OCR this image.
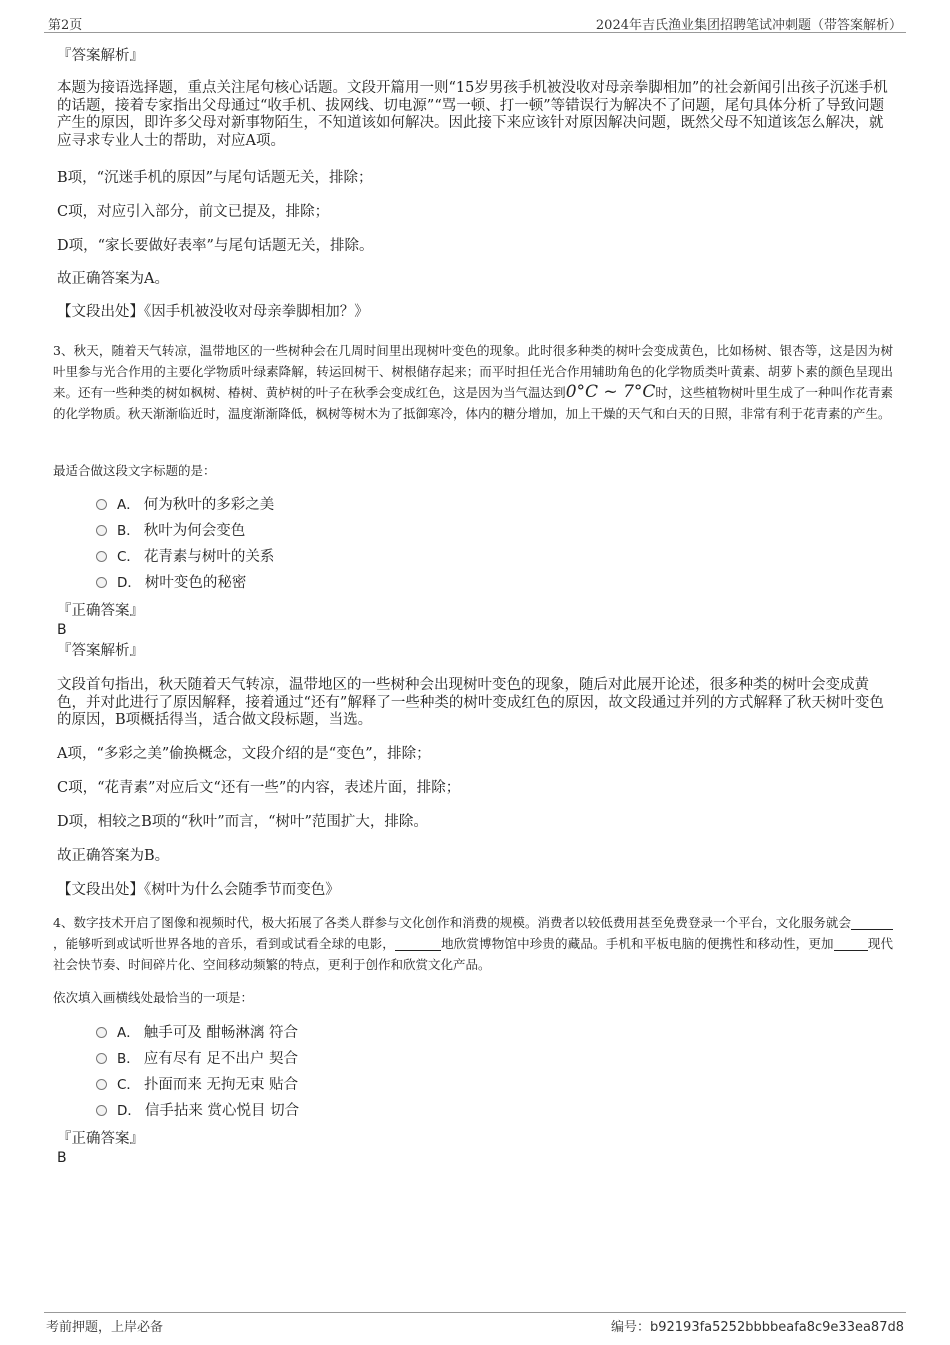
第2页	2024年吉氏渔业集团招聘笔试冲刺题（带答案解析）
『答案解析』

本题为接语选择题，重点关注尾句核心话题。文段开篇用一则“15岁男孩手机被没收对母亲拳脚相加”的社会新闻引出孩子沉迷手机的话题，接着专家指出父母通过“收手机、拔网线、切电源”“骂一顿、打一顿”等错误行为解决不了问题，尾句具体分析了导致问题产生的原因，即许多父母对新事物陌生，不知道该如何解决。因此接下来应该针对原因解决问题，既然父母不知道该怎么解决，就应寻求专业人士的帮助，对应A项。

B项，“沉迷手机的原因”与尾句话题无关，排除；

C项，对应引入部分，前文已提及，排除；

D项，“家长要做好表率”与尾句话题无关，排除。

故正确答案为A。

【文段出处】《因手机被没收对母亲拳脚相加？》

3、秋天，随着天气转凉，温带地区的一些树种会在几周时间里出现树叶变色的现象。此时很多种类的树叶会变成黄色，比如杨树、银杏等，这是因为树叶里参与光合作用的主要化学物质叶绿素降解，转运回树干、树根储存起来；而平时担任光合作用辅助角色的化学物质类叶黄素、胡萝卜素的颜色呈现出来。还有一些种类的树如枫树、椿树、黄栌树的叶子在秋季会变成红色，这是因为当气温达到0°C ~ 7°C时，这些植物树叶里生成了一种叫作花青素的化学物质。秋天渐渐临近时，温度渐渐降低，枫树等树木为了抵御寒冷，体内的糖分增加，加上干燥的天气和白天的日照，非常有利于花青素的产生。

最适合做这段文字标题的是：

A． 何为秋叶的多彩之美
B． 秋叶为何会变色
C． 花青素与树叶的关系
D． 树叶变色的秘密
『正确答案』
B
『答案解析』

文段首句指出，秋天随着天气转凉，温带地区的一些树种会出现树叶变色的现象，随后对此展开论述，很多种类的树叶会变成黄色，并对此进行了原因解释，接着通过“还有”解释了一些种类的树叶变成红色的原因，故文段通过并列的方式解释了秋天树叶变色的原因，B项概括得当，适合做文段标题，当选。

A项，“多彩之美”偷换概念，文段介绍的是“变色”，排除；

C项，“花青素”对应后文“还有一些”的内容，表述片面，排除；

D项，相较之B项的“秋叶”而言，“树叶”范围扩大，排除。

故正确答案为B。

【文段出处】《树叶为什么会随季节而变色》

4、数字技术开启了图像和视频时代，极大拓展了各类人群参与文化创作和消费的规模。消费者以较低费用甚至免费登录一个平台，文化服务就会，能够听到或试听世界各地的音乐，看到或试看全球的电影，	地欣赏博物馆中珍贵的藏品。手机和平板电脑的便携性和移动性，更加	现代社会快节奏、时间碎片化、空间移动频繁的特点，更利于创作和欣赏文化产品。

依次填入画横线处最恰当的一项是：

A． 触手可及 酣畅淋漓 符合
B． 应有尽有 足不出户 契合
C． 扑面而来 无拘无束 贴合
D． 信手拈来 赏心悦目 切合
『正确答案』
B
考前押题，上岸必备	编号：b92193fa5252bbbbeafa8c9e33ea87d8
